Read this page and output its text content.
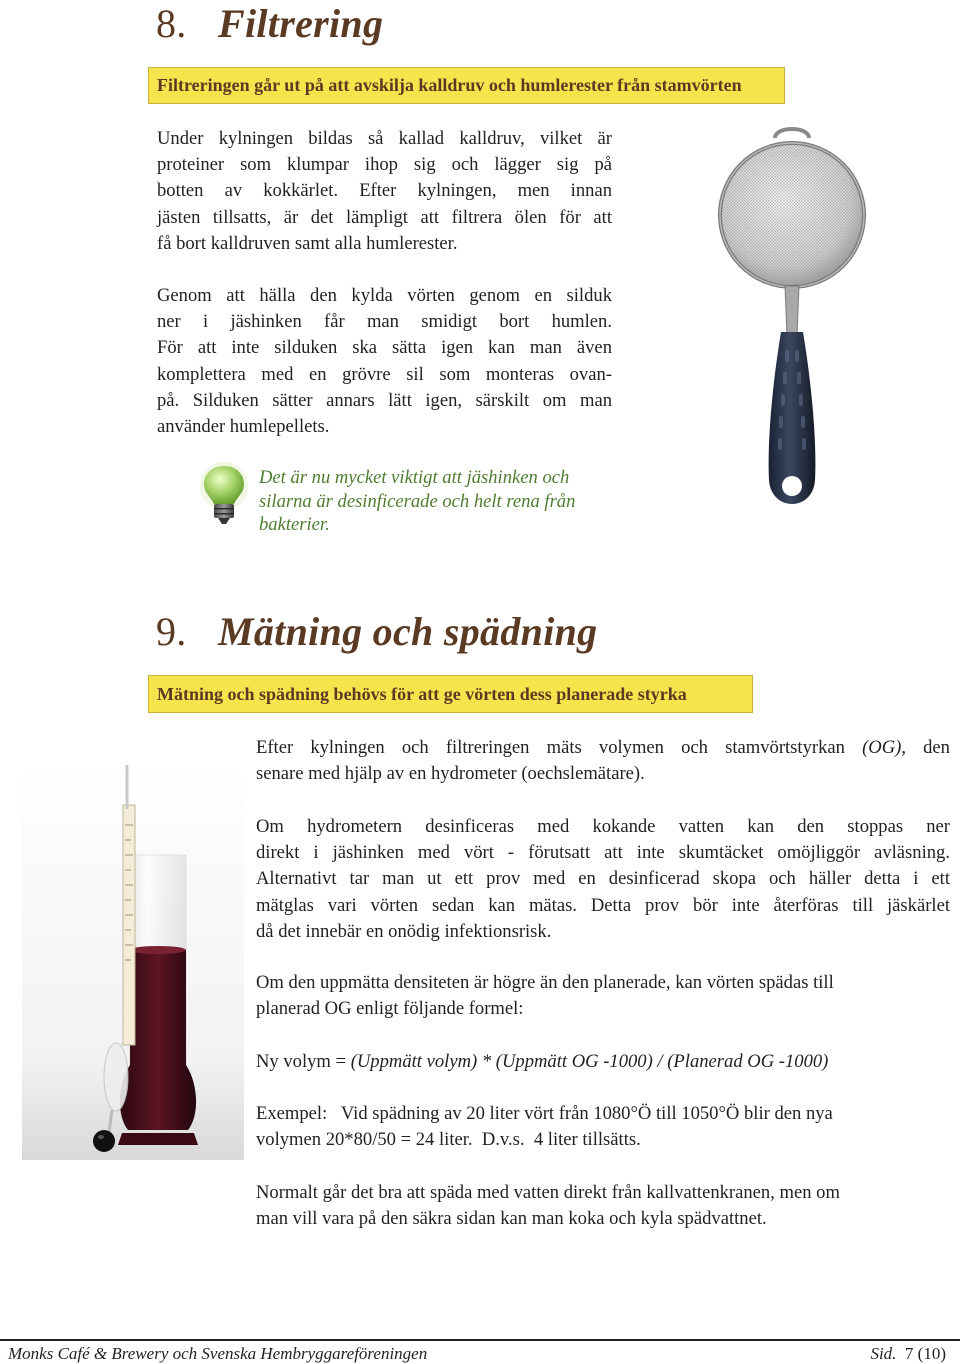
8. Filtrering
Filtreringen går ut på att avskilja kalldruv och humlerester från stamvörten
Under kylningen bildas så kallad kalldruv, vilket är
proteiner som klumpar ihop sig och lägger sig på
botten av kokkärlet. Efter kylningen, men innan
jästen tillsatts, är det lämpligt att filtrera ölen för att
få bort kalldruven samt alla humlerester.
Genom att hälla den kylda vörten genom en silduk
ner i jäshinken får man smidigt bort humlen.
För att inte silduken ska sätta igen kan man även
komplettera med en grövre sil som monteras ovan-
på. Silduken sätter annars lätt igen, särskilt om man
använder humlepellets.
Det är nu mycket viktigt att jäshinken och
silarna är desinficerade och helt rena från
bakterier.
9. Mätning och spädning
Mätning och spädning behövs för att ge vörten dess planerade styrka
Efter kylningen och filtreringen mäts volymen och stamvörtstyrkan (OG), den
senare med hjälp av en hydrometer (oechslemätare).
Om hydrometern desinficeras med kokande vatten kan den stoppas ner
direkt i jäshinken med vört - förutsatt att inte skumtäcket omöjliggör avläsning.
Alternativt tar man ut ett prov med en desinficerad skopa och häller detta i ett
mätglas vari vörten sedan kan mätas. Detta prov bör inte återföras till jäskärlet
då det innebär en onödig infektionsrisk.
Om den uppmätta densiteten är högre än den planerade, kan vörten spädas till
planerad OG enligt följande formel:
Ny volym = (Uppmätt volym) * (Uppmätt OG -1000) / (Planerad OG -1000)
Exempel:   Vid spädning av 20 liter vört från 1080°Ö till 1050°Ö blir den nya
volymen 20*80/50 = 24 liter.  D.v.s.  4 liter tillsätts.
Normalt går det bra att späda med vatten direkt från kallvattenkranen, men om
man vill vara på den säkra sidan kan man koka och kyla spädvattnet.
Monks Café & Brewery och Svenska Hembryggareföreningen	Sid. 7 (10)
